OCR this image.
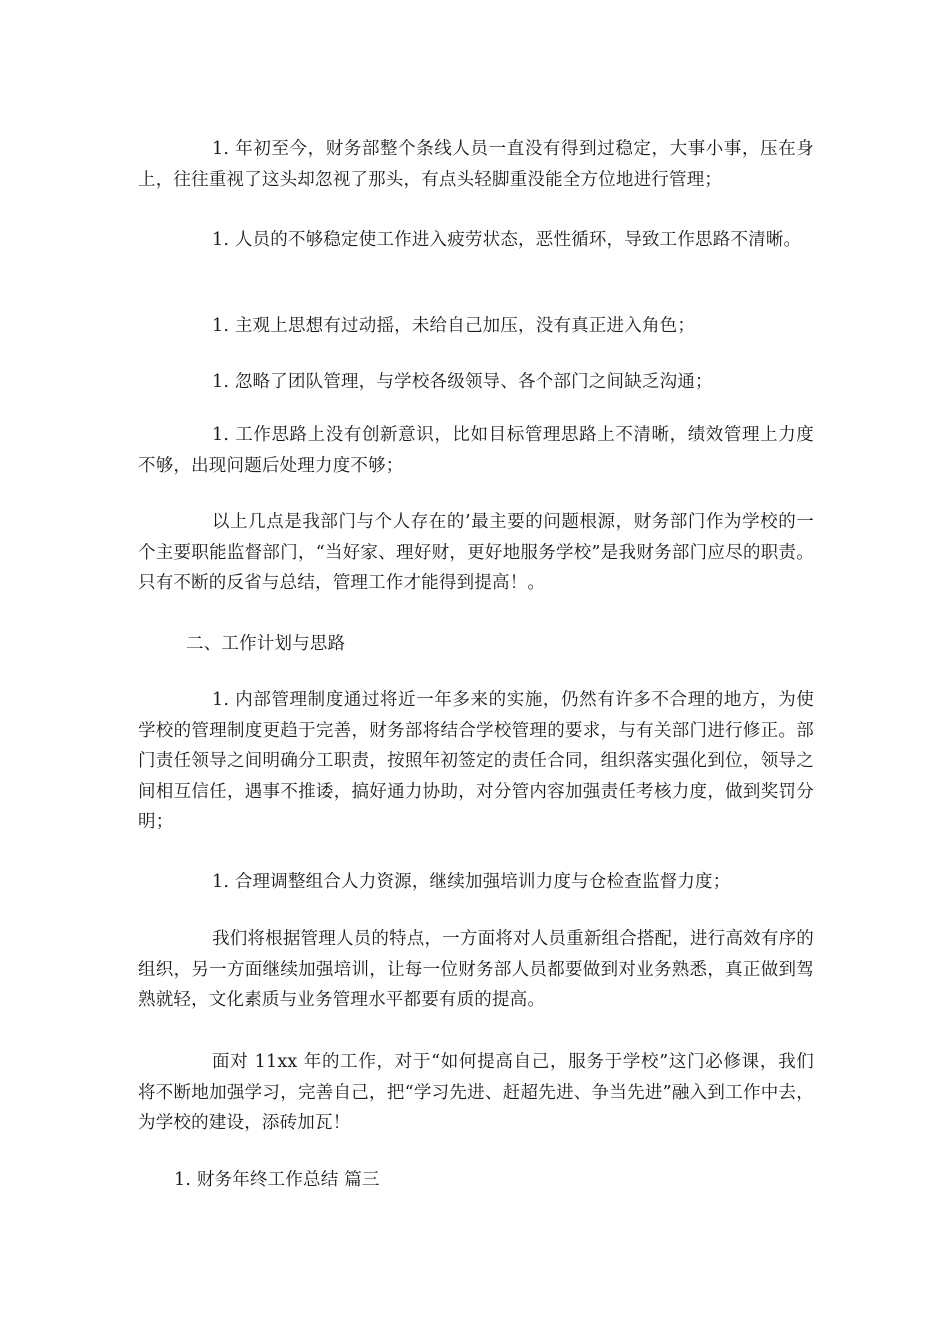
1. 年初至今，财务部整个条线人员一直没有得到过稳定，大事小事，压在身上，往往重视了这头却忽视了那头，有点头轻脚重没能全方位地进行管理；

1. 人员的不够稳定使工作进入疲劳状态，恶性循环，导致工作思路不清晰。

1. 主观上思想有过动摇，未给自己加压，没有真正进入角色；

1. 忽略了团队管理，与学校各级领导、各个部门之间缺乏沟通；

1. 工作思路上没有创新意识，比如目标管理思路上不清晰，绩效管理上力度不够，出现问题后处理力度不够；

以上几点是我部门与个人存在的’最主要的问题根源，财务部门作为学校的一个主要职能监督部门，“当好家、理好财，更好地服务学校”是我财务部门应尽的职责。只有不断的反省与总结，管理工作才能得到提高！。

二、工作计划与思路

1. 内部管理制度通过将近一年多来的实施，仍然有许多不合理的地方，为使学校的管理制度更趋于完善，财务部将结合学校管理的要求，与有关部门进行修正。部门责任领导之间明确分工职责，按照年初签定的责任合同，组织落实强化到位，领导之间相互信任，遇事不推诿，搞好通力协助，对分管内容加强责任考核力度，做到奖罚分明；

1. 合理调整组合人力资源，继续加强培训力度与仓检查监督力度；

我们将根据管理人员的特点，一方面将对人员重新组合搭配，进行高效有序的组织，另一方面继续加强培训，让每一位财务部人员都要做到对业务熟悉，真正做到驾熟就轻，文化素质与业务管理水平都要有质的提高。

面对 11xx 年的工作，对于“如何提高自己，服务于学校”这门必修课，我们将不断地加强学习，完善自己，把“学习先进、赶超先进、争当先进”融入到工作中去，为学校的建设，添砖加瓦！

1. 财务年终工作总结 篇三
